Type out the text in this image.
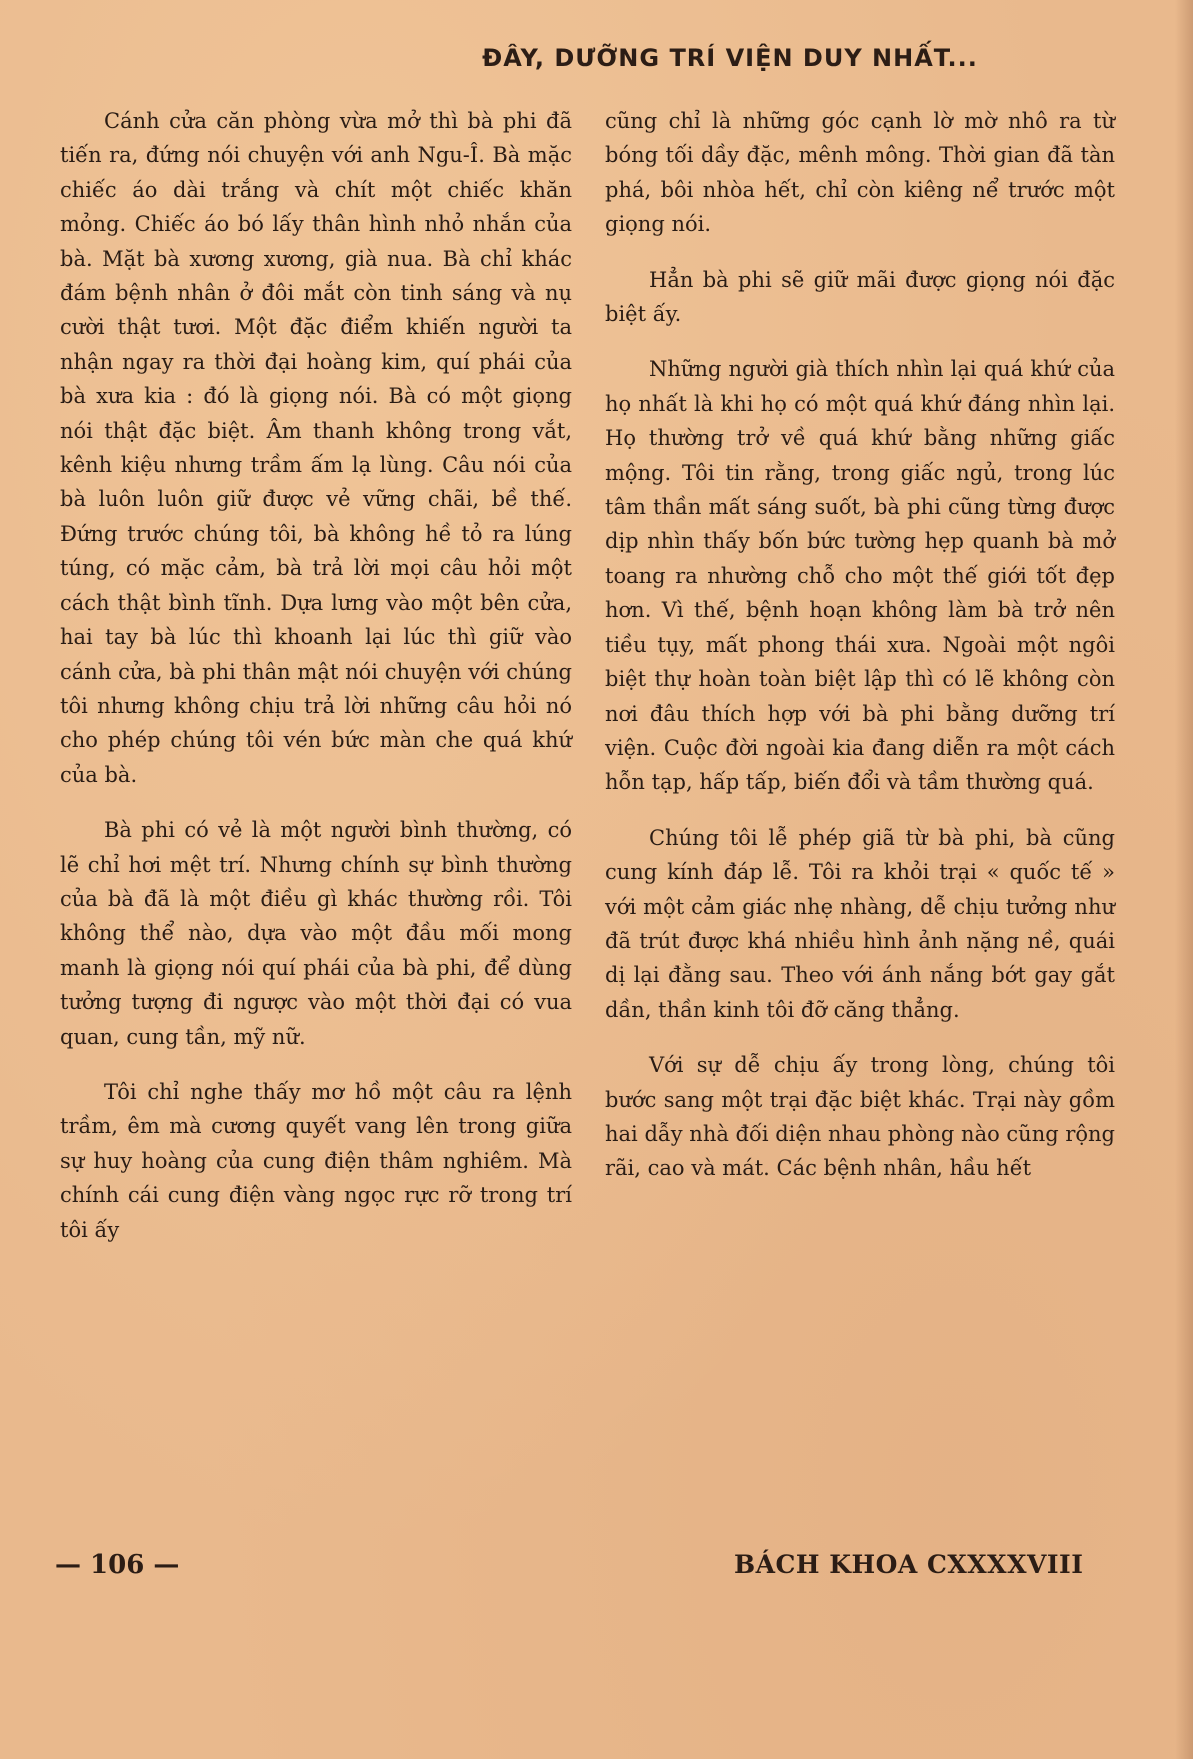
ĐÂY, DƯỠNG TRÍ VIỆN DUY NHẤT...

Cánh cửa căn phòng vừa mở thì bà phi đã tiến ra, đứng nói chuyện với anh Ngu-Î. Bà mặc chiếc áo dài trắng và chít một chiếc khăn mỏng. Chiếc áo bó lấy thân hình nhỏ nhắn của bà. Mặt bà xương xương, già nua. Bà chỉ khác đám bệnh nhân ở đôi mắt còn tinh sáng và nụ cười thật tươi. Một đặc điểm khiến người ta nhận ngay ra thời đại hoàng kim, quí phái của bà xưa kia : đó là giọng nói. Bà có một giọng nói thật đặc biệt. Âm thanh không trong vắt, kênh kiệu nhưng trầm ấm lạ lùng. Câu nói của bà luôn luôn giữ được vẻ vững chãi, bề thế. Đứng trước chúng tôi, bà không hề tỏ ra lúng túng, có mặc cảm, bà trả lời mọi câu hỏi một cách thật bình tĩnh. Dựa lưng vào một bên cửa, hai tay bà lúc thì khoanh lại lúc thì giữ vào cánh cửa, bà phi thân mật nói chuyện với chúng tôi nhưng không chịu trả lời những câu hỏi nó cho phép chúng tôi vén bức màn che quá khứ của bà.

Bà phi có vẻ là một người bình thường, có lẽ chỉ hơi mệt trí. Nhưng chính sự bình thường của bà đã là một điều gì khác thường rồi. Tôi không thể nào, dựa vào một đầu mối mong manh là giọng nói quí phái của bà phi, để dùng tưởng tượng đi ngược vào một thời đại có vua quan, cung tần, mỹ nữ.

Tôi chỉ nghe thấy mơ hồ một câu ra lệnh trầm, êm mà cương quyết vang lên trong giữa sự huy hoàng của cung điện thâm nghiêm. Mà chính cái cung điện vàng ngọc rực rỡ trong trí tôi ấy

cũng chỉ là những góc cạnh lờ mờ nhô ra từ bóng tối dầy đặc, mênh mông. Thời gian đã tàn phá, bôi nhòa hết, chỉ còn kiêng nể trước một giọng nói.

Hẳn bà phi sẽ giữ mãi được giọng nói đặc biệt ấy.

Những người già thích nhìn lại quá khứ của họ nhất là khi họ có một quá khứ đáng nhìn lại. Họ thường trở về quá khứ bằng những giấc mộng. Tôi tin rằng, trong giấc ngủ, trong lúc tâm thần mất sáng suốt, bà phi cũng từng được dịp nhìn thấy bốn bức tường hẹp quanh bà mở toang ra nhường chỗ cho một thế giới tốt đẹp hơn. Vì thế, bệnh hoạn không làm bà trở nên tiều tụy, mất phong thái xưa. Ngoài một ngôi biệt thự hoàn toàn biệt lập thì có lẽ không còn nơi đâu thích hợp với bà phi bằng dưỡng trí viện. Cuộc đời ngoài kia đang diễn ra một cách hỗn tạp, hấp tấp, biến đổi và tầm thường quá.

Chúng tôi lễ phép giã từ bà phi, bà cũng cung kính đáp lễ. Tôi ra khỏi trại « quốc tế » với một cảm giác nhẹ nhàng, dễ chịu tưởng như đã trút được khá nhiều hình ảnh nặng nề, quái dị lại đằng sau. Theo với ánh nắng bớt gay gắt dần, thần kinh tôi đỡ căng thẳng.

Với sự dễ chịu ấy trong lòng, chúng tôi bước sang một trại đặc biệt khác. Trại này gồm hai dẫy nhà đối diện nhau phòng nào cũng rộng rãi, cao và mát. Các bệnh nhân, hầu hết

— 106 —	BÁCH KHOA CXXXXVIII
